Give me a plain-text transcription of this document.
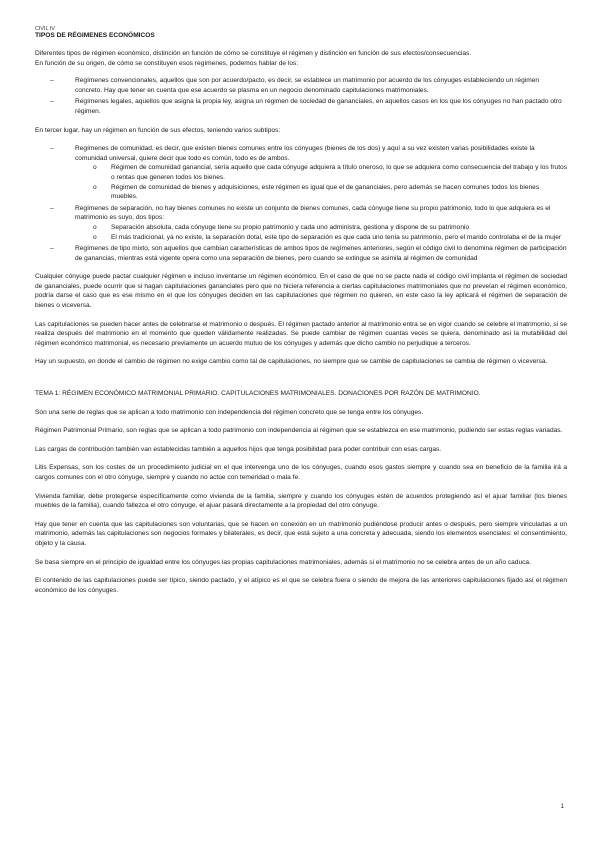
CIVIL IV
TIPOS DE RÉGIMENES ECONÓMICOS

Diferentes tipos de régimen económico, distinción en función de cómo se constituye el régimen y distinción en función de sus efectos/consecuencias.
En función de su origen, de cómo se constituyen esos regímenes, podemos hablar de los:

– Regímenes convencionales, aquellos que son por acuerdo/pacto, es decir, se establece un matrimonio por acuerdo de los cónyuges estableciendo un régimen concreto. Hay que tener en cuenta que ese acuerdo se plasma en un negocio denominado capitulaciones matrimoniales.
– Regímenes legales, aquellos que asigna la propia ley, asigna un régimen de sociedad de gananciales, en aquellos casos en los que los cónyuges no han pactado otro régimen.

En tercer lugar, hay un régimen en función de sus efectos, teniendo varios subtipos:

– Regímenes de comunidad, es decir, que existen bienes comunes entre los cónyuges (bienes de los dos) y aquí a su vez existen varias posibilidades existe la comunidad universal, quiere decir que todo es común, todo es de ambos.
o Régimen de comunidad ganancial, sería aquello que cada cónyuge adquiera a título oneroso, lo que se adquiera como consecuencia del trabajo y los frutos o rentas que generen todos los bienes.
o Régimen de comunidad de bienes y adquisiciones, este régimen es igual que el de gananciales, pero además se hacen comunes todos los bienes muebles.
– Regímenes de separación, no hay bienes comunes no existe un conjunto de bienes comunes, cada cónyuge tiene su propio patrimonio, todo lo que adquiera es el matrimonio es suyo, dos tipos:
o Separación absoluta, cada cónyuge tiene su propio patrimonio y cada uno administra, gestiona y dispone de su patrimonio
o El más tradicional, ya no existe, la separación dotal, este tipo de separación es que cada uno tenía su patrimonio, pero el marido controlaba el de la mujer
– Regímenes de tipo mixto, son aquellos que cambian características de ambos tipos de regímenes anteriores, según el código civil lo denomina régimen de participación de ganancias, mientras está vigente opera como una separación de bienes, pero cuando se extingue se asimila al régimen de comunidad

Cualquier cónyuge puede pactar cualquier régimen e incluso inventarse un régimen económico. En el caso de que no se pacte nada el código civil implanta el régimen de sociedad de gananciales, puede ocurrir que si hagan capitulaciones gananciales pero que no hiciera referencia a ciertas capitulaciones matrimoniales que no preveían el régimen económico, podría darse el caso que es ese mismo en el que los cónyuges deciden en las capitulaciones que régimen no quieren, en este caso la ley aplicará el régimen de separación de bienes o viceversa.

Las capitulaciones se pueden hacer antes de celebrarse el matrimonio o después. El régimen pactado anterior al matrimonio entra se en vigor cuando se celebre el matrimonio, si se realiza después del matrimonio en el momento que queden válidamente realizadas. Se puede cambiar de régimen cuantas veces se quiera, denominado así la mutabilidad del régimen económico matrimonial, es necesario previamente un acuerdo mutuo de los cónyuges y además que dicho cambio no perjudique a terceros.

Hay un supuesto, en donde el cambio de régimen no exige cambio como tal de capitulaciones, no siempre que se cambie de capitulaciones se cambia de régimen o viceversa.

TEMA 1: RÉGIMEN ECONÓMICO MATRIMONIAL PRIMARIO. CAPITULACIONES MATRIMONIALES. DONACIONES POR RAZÓN DE MATRIMONIO.

Son una serie de reglas que se aplican a todo matrimonio con independencia del régimen concreto que se tenga entre los cónyuges.

Régimen Patrimonial Primario, son reglas que se aplican a todo patrimonio con independencia al régimen que se establezca en ese matrimonio, pudiendo ser estas reglas variadas.

Las cargas de contribución también van establecidas también a aquellos hijos que tenga posibilidad para poder contribuir con esas cargas.

Litis Expensas, son los costes de un procedimiento judicial en el que intervenga uno de los cónyuges, cuando esos gastos siempre y cuando sea en beneficio de la familia irá a cargos comunes con el otro cónyuge, siempre y cuando no actúe con temeridad o mala fe.

Vivienda familiar, debe protegerse específicamente como vivienda de la familia, siempre y cuando los cónyuges estén de acuerdos protegiendo así el ajuar familiar (los bienes muebles de la familia), cuando fallezca el otro cónyuge, el ajuar pasará directamente a la propiedad del otro cónyuge.

Hay que tener en cuenta que las capitulaciones son voluntarias, que se hacen en conexión en un matrimonio pudiéndose producir antes o después, pero siempre vinculadas a un matrimonio, además las capitulaciones son negocios formales y bilaterales, es decir, que está sujeto a una concreta y adecuada, siendo los elementos esenciales: el consentimiento, objeto y la causa.

Se basa siempre en el principio de igualdad entre los cónyuges las propias capitulaciones matrimoniales, además si el matrimonio no se celebra antes de un año caduca.

El contenido de las capitulaciones puede ser típico, siendo pactado, y el atípico es el que se celebra fuera o siendo de mejora de las anteriores capitulaciones fijado así el régimen económico de los cónyuges.

1
